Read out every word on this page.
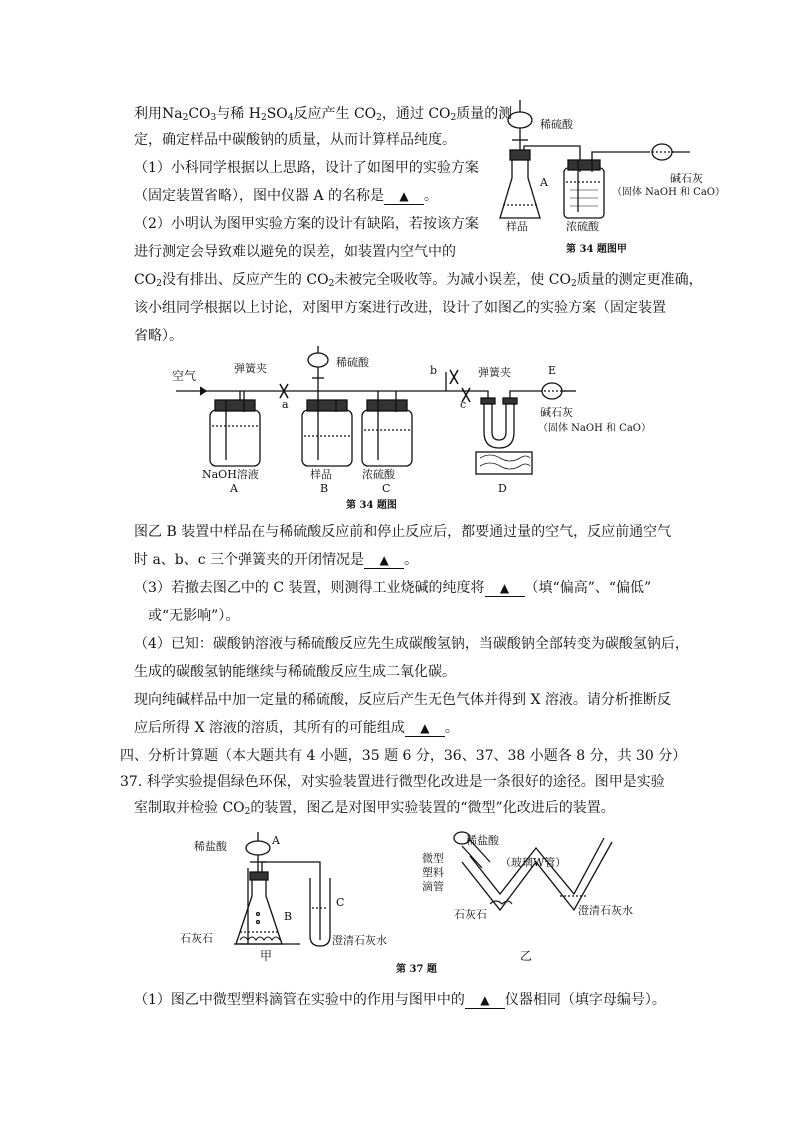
利用$Na_2CO_3$与稀 $H_2SO_4$反应产生 $CO_2$，通过 $CO_2$质量的测
定，确定样品中碳酸钠的质量，从而计算样品纯度。
（1）小科同学根据以上思路，设计了如图甲的实验方案
（固定装置省略），图中仪器 A 的名称是 ▲ 。
（2）小明认为图甲实验方案的设计有缺陷，若按该方案
进行测定会导致难以避免的误差，如装置内空气中的
$CO_2$没有排出、反应产生的 $CO_2$未被完全吸收等。为减小误差，使 $CO_2$质量的测定更准确，
该小组同学根据以上讨论，对图甲方案进行改进，设计了如图乙的实验方案（固定装置
省略）。
稀硫酸
A
样品	浓硫酸
碱石灰
（固体 NaOH 和 CaO）
第 34 题图甲
空气
弹簧夹	稀硫酸
b	弹簧夹	E
a	c
碱石灰
（固体 NaOH 和 CaO）
NaOH溶液
A
样品
B
浓硫酸
C	D
第 34 题图
图乙 B 装置中样品在与稀硫酸反应前和停止反应后，都要通过量的空气，反应前通空气
时 a、b、c 三个弹簧夹的开闭情况是 ▲ 。
（3）若撤去图乙中的 C 装置，则测得工业烧碱的纯度将 ▲ （填“偏高”、“偏低”
或“无影响”）。
（4）已知：碳酸钠溶液与稀硫酸反应先生成碳酸氢钠，当碳酸钠全部转变为碳酸氢钠后，
生成的碳酸氢钠能继续与稀硫酸反应生成二氧化碳。
现向纯碱样品中加一定量的稀硫酸，反应后产生无色气体并得到 X 溶液。请分析推断反
应后所得 X 溶液的溶质，其所有的可能组成 ▲ 。
四、分析计算题（本大题共有 4 小题，35 题 6 分，36、37、38 小题各 8 分，共 30 分）
37. 科学实验提倡绿色环保，对实验装置进行微型化改进是一条很好的途径。图甲是实验
室制取并检验 $CO_2$的装置，图乙是对图甲实验装置的“微型”化改进后的装置。
稀盐酸	A
B
C
石灰石	澄清石灰水
甲
第 37 题
稀盐酸
微型
塑料
滴管
（玻璃W管）
石灰石	澄清石灰水
乙
（1）图乙中微型塑料滴管在实验中的作用与图甲中的 ▲ 仪器相同（填字母编号）。
